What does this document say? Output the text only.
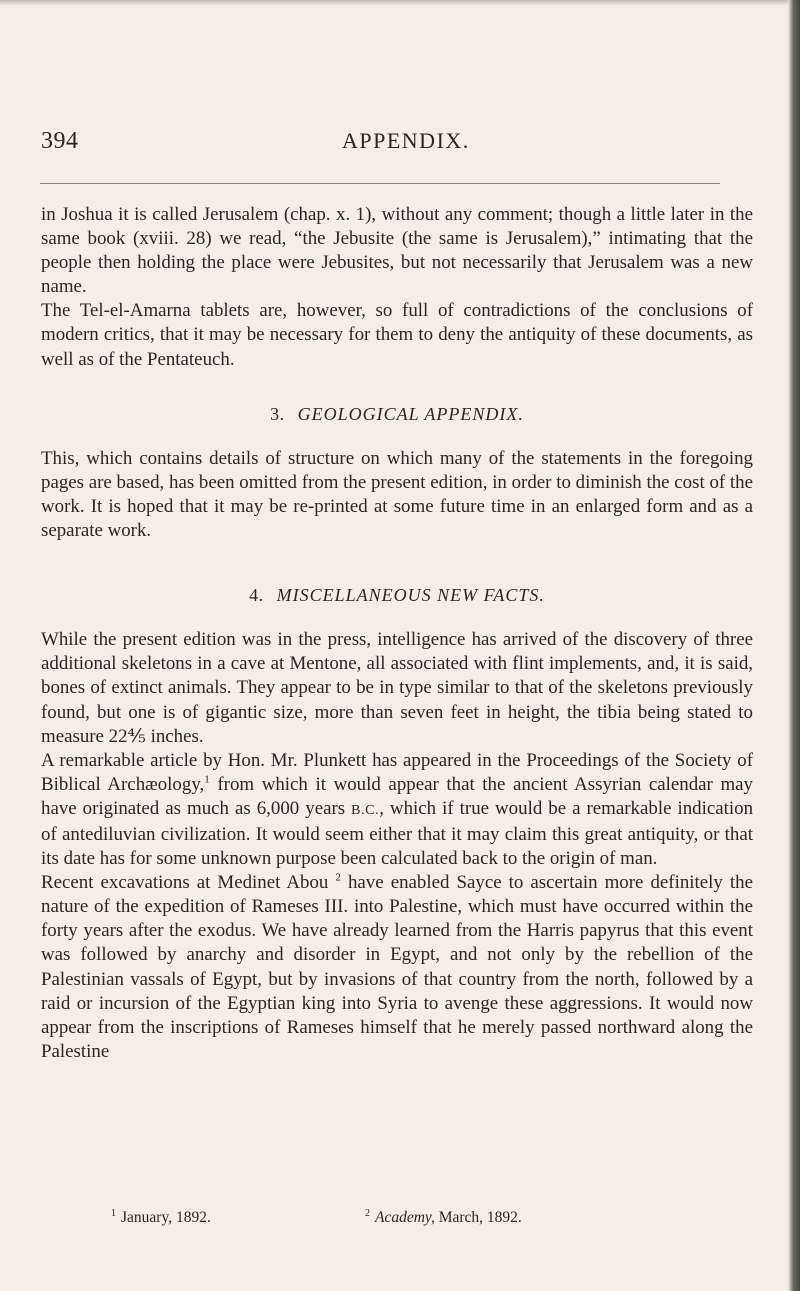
394	APPENDIX.

in Joshua it is called Jerusalem (chap. x. 1), without any comment; though a little later in the same book (xviii. 28) we read, “the Jebusite (the same is Jerusalem),” intimating that the people then holding the place were Jebusites, but not necessarily that Jerusalem was a new name.

The Tel-el-Amarna tablets are, however, so full of contradictions of the conclusions of modern critics, that it may be necessary for them to deny the antiquity of these documents, as well as of the Pentateuch.

3. GEOLOGICAL APPENDIX.

This, which contains details of structure on which many of the statements in the foregoing pages are based, has been omitted from the present edition, in order to diminish the cost of the work. It is hoped that it may be re-printed at some future time in an enlarged form and as a separate work.

4. MISCELLANEOUS NEW FACTS.

While the present edition was in the press, intelligence has arrived of the discovery of three additional skeletons in a cave at Mentone, all associated with flint implements, and, it is said, bones of extinct animals. They appear to be in type similar to that of the skeletons previously found, but one is of gigantic size, more than seven feet in height, the tibia being stated to measure 22⅘ inches.

A remarkable article by Hon. Mr. Plunkett has appeared in the Proceedings of the Society of Biblical Archæology,$^1$ from which it would appear that the ancient Assyrian calendar may have originated as much as 6,000 years B.C., which if true would be a remarkable indication of antediluvian civilization. It would seem either that it may claim this great antiquity, or that its date has for some unknown purpose been calculated back to the origin of man.

Recent excavations at Medinet Abou $^2$ have enabled Sayce to ascertain more definitely the nature of the expedition of Rameses III. into Palestine, which must have occurred within the forty years after the exodus. We have already learned from the Harris papyrus that this event was followed by anarchy and disorder in Egypt, and not only by the rebellion of the Palestinian vassals of Egypt, but by invasions of that country from the north, followed by a raid or incursion of the Egyptian king into Syria to avenge these aggressions. It would now appear from the inscriptions of Rameses himself that he merely passed northward along the Palestine

$^1$ January, 1892.	$^2$ Academy, March, 1892.
